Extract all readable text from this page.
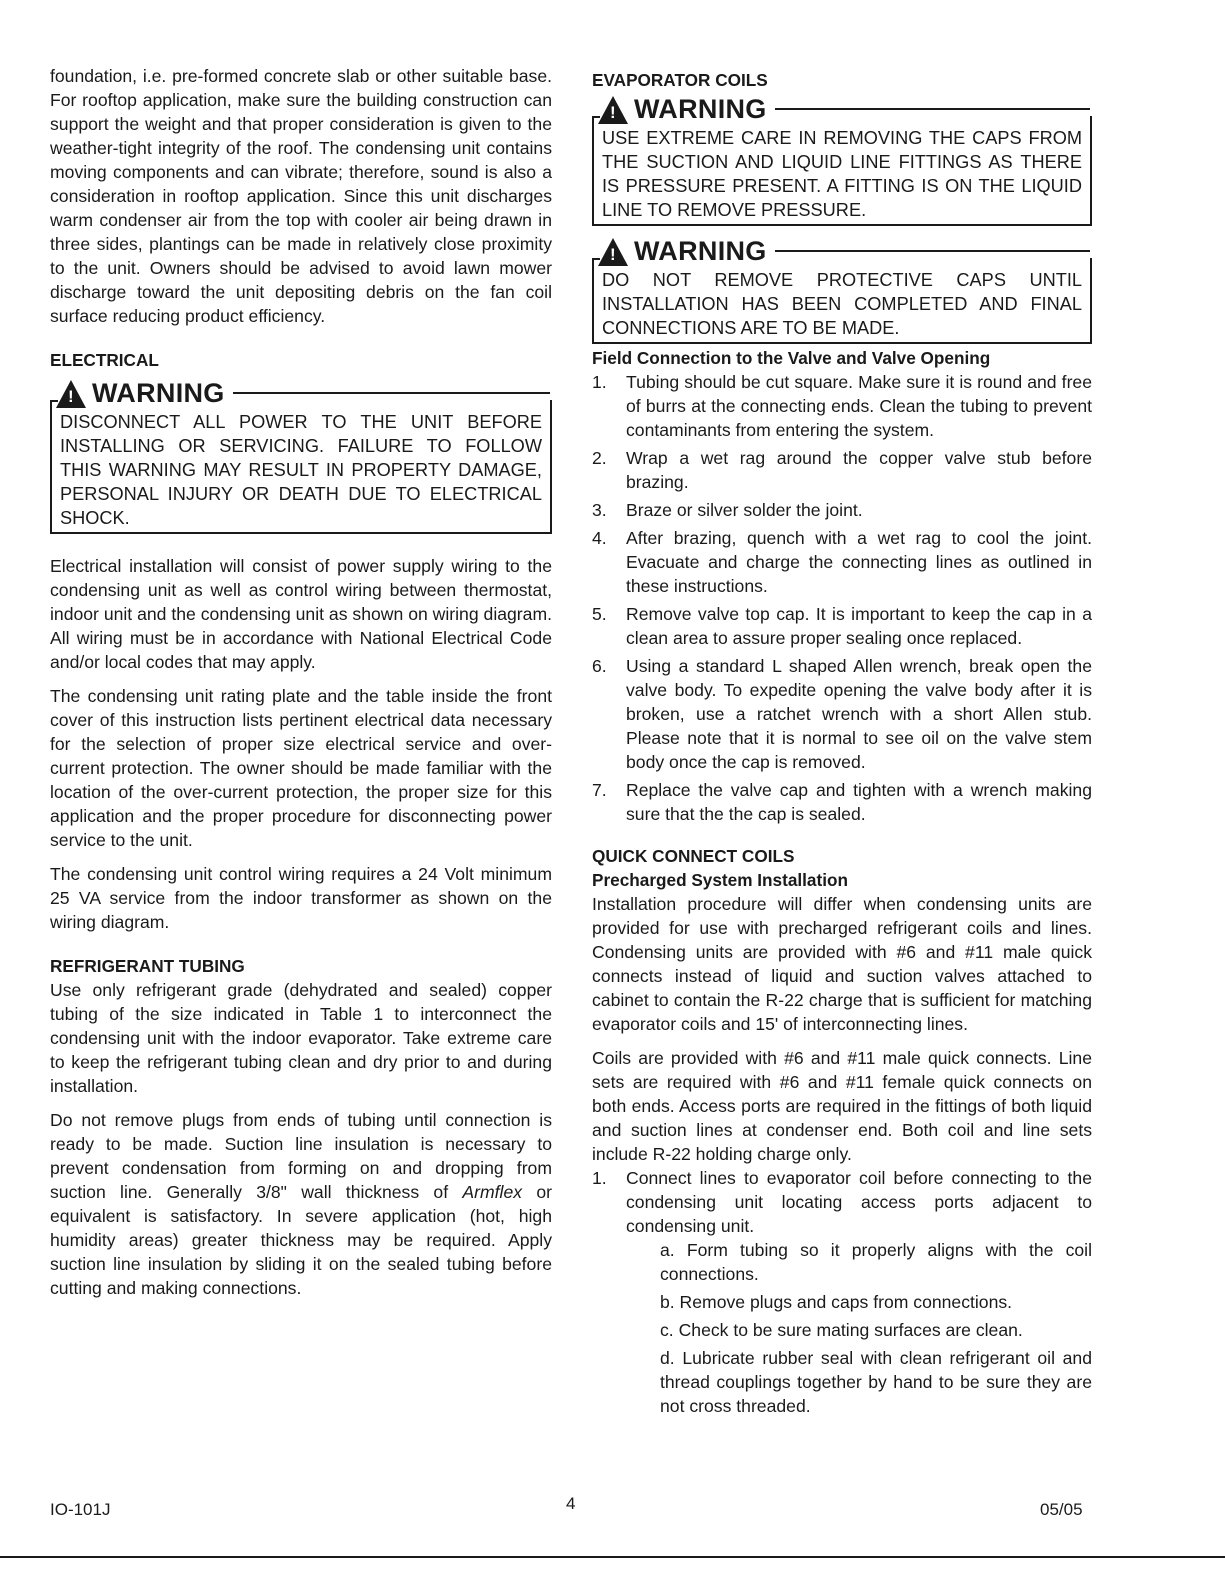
foundation, i.e. pre-formed concrete slab or other suitable base. For rooftop application, make sure the building construction can support the weight and that proper consideration is given to the weather-tight integrity of the roof. The condensing unit contains moving components and can vibrate; therefore, sound is also a consideration in rooftop application. Since this unit discharges warm condenser air from the top with cooler air being drawn in three sides, plantings can be made in relatively close proximity to the unit. Owners should be advised to avoid lawn mower discharge toward the unit depositing debris on the fan coil surface reducing product efficiency.

ELECTRICAL

! WARNING
DISCONNECT ALL POWER TO THE UNIT BEFORE INSTALLING OR SERVICING. FAILURE TO FOLLOW THIS WARNING MAY RESULT IN PROPERTY DAMAGE, PERSONAL INJURY OR DEATH DUE TO ELECTRICAL SHOCK.

Electrical installation will consist of power supply wiring to the condensing unit as well as control wiring between thermostat, indoor unit and the condensing unit as shown on wiring diagram. All wiring must be in accordance with National Electrical Code and/or local codes that may apply.

The condensing unit rating plate and the table inside the front cover of this instruction lists pertinent electrical data necessary for the selection of proper size electrical service and over-current protection. The owner should be made familiar with the location of the over-current protection, the proper size for this application and the proper procedure for disconnecting power service to the unit.

The condensing unit control wiring requires a 24 Volt minimum 25 VA service from the indoor transformer as shown on the wiring diagram.

REFRIGERANT TUBING

Use only refrigerant grade (dehydrated and sealed) copper tubing of the size indicated in Table 1 to interconnect the condensing unit with the indoor evaporator. Take extreme care to keep the refrigerant tubing clean and dry prior to and during installation.

Do not remove plugs from ends of tubing until connection is ready to be made. Suction line insulation is necessary to prevent condensation from forming on and dropping from suction line. Generally 3/8" wall thickness of Armflex or equivalent is satisfactory. In severe application (hot, high humidity areas) greater thickness may be required. Apply suction line insulation by sliding it on the sealed tubing before cutting and making connections.

EVAPORATOR COILS

! WARNING
USE EXTREME CARE IN REMOVING THE CAPS FROM THE SUCTION AND LIQUID LINE FITTINGS AS THERE IS PRESSURE PRESENT. A FITTING IS ON THE LIQUID LINE TO REMOVE PRESSURE.
! WARNING
DO NOT REMOVE PROTECTIVE CAPS UNTIL INSTALLATION HAS BEEN COMPLETED AND FINAL CONNECTIONS ARE TO BE MADE.

Field Connection to the Valve and Valve Opening

1. Tubing should be cut square. Make sure it is round and free of burrs at the connecting ends. Clean the tubing to prevent contaminants from entering the system.
2. Wrap a wet rag around the copper valve stub before brazing.
3. Braze or silver solder the joint.
4. After brazing, quench with a wet rag to cool the joint. Evacuate and charge the connecting lines as outlined in these instructions.
5. Remove valve top cap. It is important to keep the cap in a clean area to assure proper sealing once replaced.
6. Using a standard L shaped Allen wrench, break open the valve body. To expedite opening the valve body after it is broken, use a ratchet wrench with a short Allen stub. Please note that it is normal to see oil on the valve stem body once the cap is removed.
7. Replace the valve cap and tighten with a wrench making sure that the the cap is sealed.

QUICK CONNECT COILS

Precharged System Installation

Installation procedure will differ when condensing units are provided for use with precharged refrigerant coils and lines. Condensing units are provided with #6 and #11 male quick connects instead of liquid and suction valves attached to cabinet to contain the R-22 charge that is sufficient for matching evaporator coils and 15' of interconnecting lines.

Coils are provided with #6 and #11 male quick connects. Line sets are required with #6 and #11 female quick connects on both ends. Access ports are required in the fittings of both liquid and suction lines at condenser end. Both coil and line sets include R-22 holding charge only.

1. Connect lines to evaporator coil before connecting to the condensing unit locating access ports adjacent to condensing unit.
a. Form tubing so it properly aligns with the coil connections.
b. Remove plugs and caps from connections.
c. Check to be sure mating surfaces are clean.
d. Lubricate rubber seal with clean refrigerant oil and thread couplings together by hand to be sure they are not cross threaded.
IO-101J	4	05/05
